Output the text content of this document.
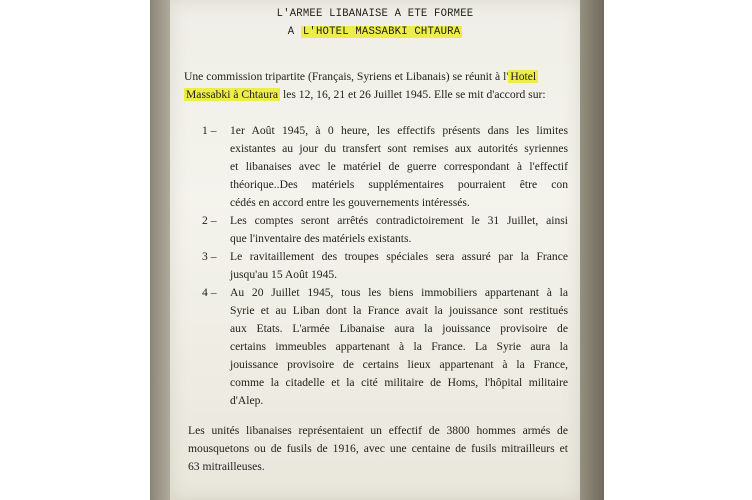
L'ARMEE LIBANAISE A ETE FORMEE
A L'HOTEL MASSABKI CHTAURA
Une commission tripartite (Français, Syriens et Libanais) se réunit à l' Hotel
Massabki à Chtaura les 12, 16, 21 et 26 Juillet 1945. Elle se mit d'accord sur:
1 – 1er Août 1945, à 0 heure, les effectifs présents dans les limites
existantes au jour du transfert sont remises aux autorités syriennes
et libanaises avec le matériel de guerre correspondant à l'effectif
théorique..Des matériels supplémentaires pourraient être con
cédés en accord entre les gouvernements intéressés.
2 – Les comptes seront arrêtés contradictoirement le 31 Juillet, ainsi
que l'inventaire des matériels existants.
3 – Le ravitaillement des troupes spéciales sera assuré par la France
jusqu'au 15 Août 1945.
4 – Au 20 Juillet 1945, tous les biens immobiliers appartenant à la
Syrie et au Liban dont la France avait la jouissance sont restitués
aux Etats. L'armée Libanaise aura la jouissance provisoire de
certains immeubles appartenant à la France. La Syrie aura la
jouissance provisoire de certains lieux appartenant à la France,
comme la citadelle et la cité militaire de Homs, l'hôpital militaire
d'Alep.
Les unités libanaises représentaient un effectif de 3800 hommes armés de
mousquetons ou de fusils de 1916, avec une centaine de fusils mitrailleurs et
63 mitrailleuses.
